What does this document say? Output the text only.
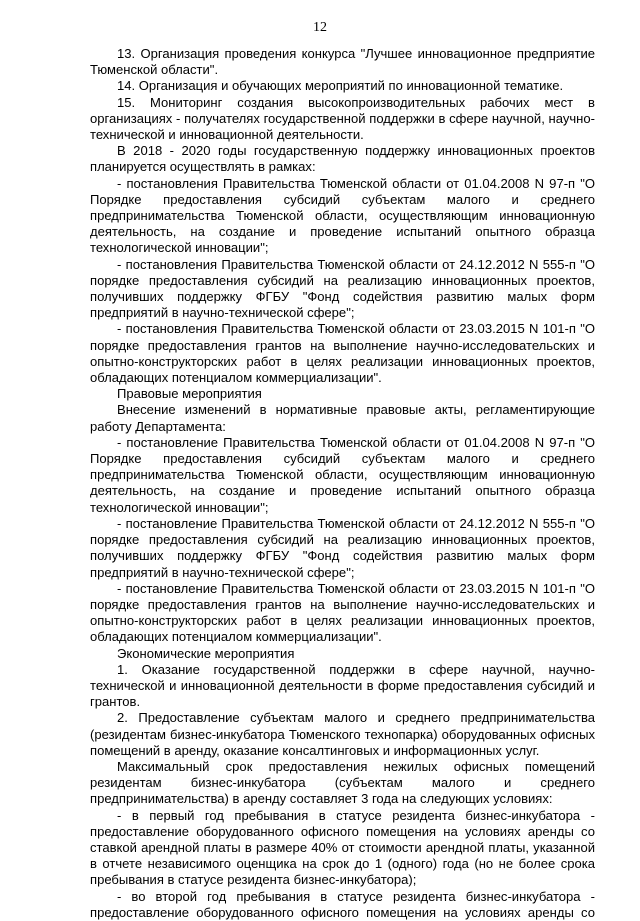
12

13. Организация проведения конкурса "Лучшее инновационное предприятие Тюменской области".

14. Организация и обучающих мероприятий по инновационной тематике.

15. Мониторинг создания высокопроизводительных рабочих мест в организациях - получателях государственной поддержки в сфере научной, научно-технической и инновационной деятельности.

В 2018 - 2020 годы государственную поддержку инновационных проектов планируется осуществлять в рамках:

- постановления Правительства Тюменской области от 01.04.2008 N 97-п "О Порядке предоставления субсидий субъектам малого и среднего предпринимательства Тюменской области, осуществляющим инновационную деятельность, на создание и проведение испытаний опытного образца технологической инновации";

- постановления Правительства Тюменской области от 24.12.2012 N 555-п "О порядке предоставления субсидий на реализацию инновационных проектов, получивших поддержку ФГБУ "Фонд содействия развитию малых форм предприятий в научно-технической сфере";

- постановления Правительства Тюменской области от 23.03.2015 N 101-п "О порядке предоставления грантов на выполнение научно-исследовательских и опытно-конструкторских работ в целях реализации инновационных проектов, обладающих потенциалом коммерциализации".

Правовые мероприятия

Внесение изменений в нормативные правовые акты, регламентирующие работу Департамента:

- постановление Правительства Тюменской области от 01.04.2008 N 97-п "О Порядке предоставления субсидий субъектам малого и среднего предпринимательства Тюменской области, осуществляющим инновационную деятельность, на создание и проведение испытаний опытного образца технологической инновации";

- постановление Правительства Тюменской области от 24.12.2012 N 555-п "О порядке предоставления субсидий на реализацию инновационных проектов, получивших поддержку ФГБУ "Фонд содействия развитию малых форм предприятий в научно-технической сфере";

- постановление Правительства Тюменской области от 23.03.2015 N 101-п "О порядке предоставления грантов на выполнение научно-исследовательских и опытно-конструкторских работ в целях реализации инновационных проектов, обладающих потенциалом коммерциализации".

Экономические мероприятия

1. Оказание государственной поддержки в сфере научной, научно-технической и инновационной деятельности в форме предоставления субсидий и грантов.

2. Предоставление субъектам малого и среднего предпринимательства (резидентам бизнес-инкубатора Тюменского технопарка) оборудованных офисных помещений в аренду, оказание консалтинговых и информационных услуг.

Максимальный срок предоставления нежилых офисных помещений резидентам бизнес-инкубатора (субъектам малого и среднего предпринимательства) в аренду составляет 3 года на следующих условиях:

- в первый год пребывания в статусе резидента бизнес-инкубатора - предоставление оборудованного офисного помещения на условиях аренды со ставкой арендной платы в размере 40% от стоимости арендной платы, указанной в отчете независимого оценщика на срок до 1 (одного) года (но не более срока пребывания в статусе резидента бизнес-инкубатора);

- во второй год пребывания в статусе резидента бизнес-инкубатора - предоставление оборудованного офисного помещения на условиях аренды со
